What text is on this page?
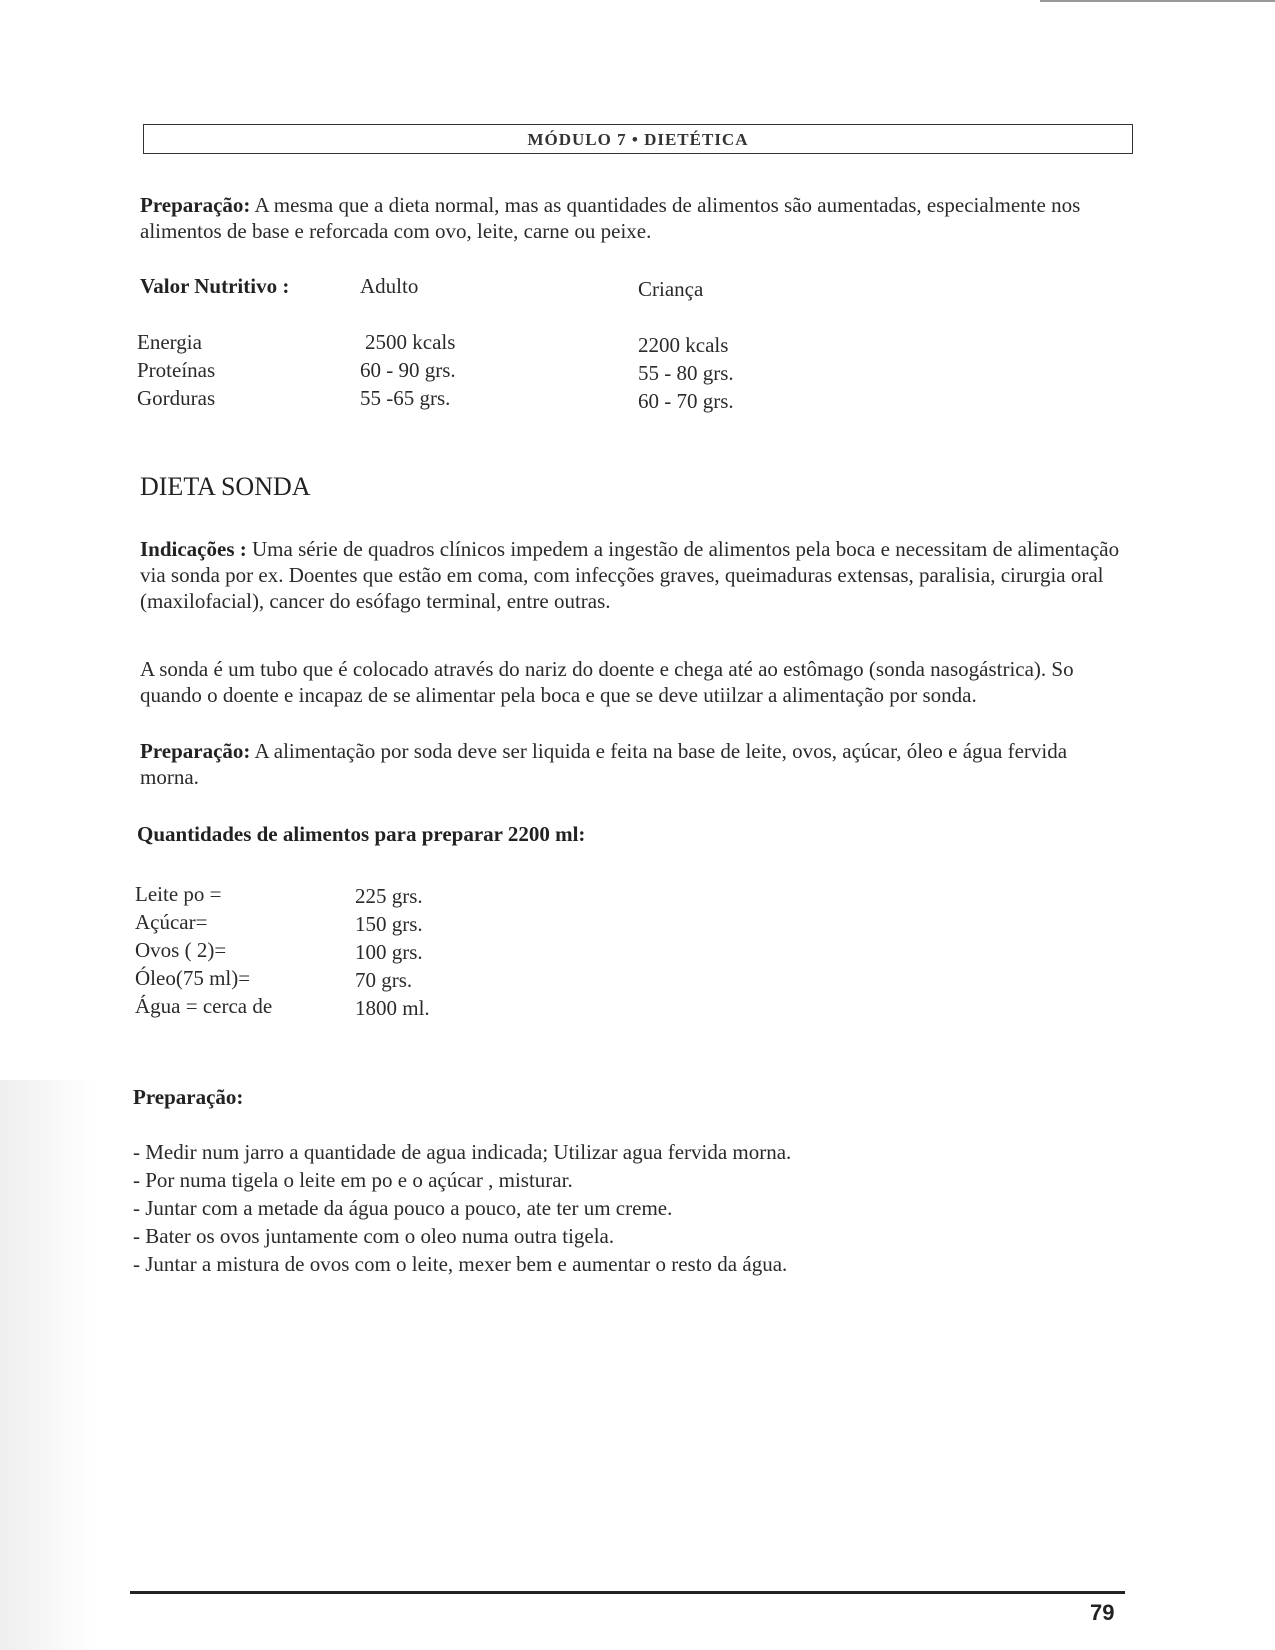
MÓDULO 7 • DIETÉTICA

Preparação: A mesma que a dieta normal, mas as quantidades de alimentos são aumentadas, especialmente nos alimentos de base e reforcada com ovo, leite, carne ou peixe.

Valor Nutritivo :	Adulto	Criança
Energia
Proteínas
Gorduras
2500 kcals
60 - 90 grs.
55 -65 grs.
2200 kcals
55 - 80 grs.
60 - 70 grs.
DIETA SONDA

Indicações : Uma série de quadros clínicos impedem a ingestão de alimentos pela boca e necessitam de alimentação via sonda por ex. Doentes que estão em coma, com infecções graves, queimaduras extensas, paralisia, cirurgia oral (maxilofacial), cancer do esófago terminal, entre outras.

A sonda é um tubo que é colocado através do nariz do doente e chega até ao estômago (sonda nasogástrica). So quando o doente e incapaz de se alimentar pela boca e que se deve utiilzar a alimentação por sonda.

Preparação: A alimentação por soda deve ser liquida e feita na base de leite, ovos, açúcar, óleo e água fervida morna.

Quantidades de alimentos para preparar 2200 ml:
Leite po =
Açúcar=
Ovos ( 2)=
Óleo(75 ml)=
Água = cerca de
225 grs.
150 grs.
100 grs.
70 grs.
1800 ml.
Preparação:
- Medir num jarro a quantidade de agua indicada; Utilizar agua fervida morna.
- Por numa tigela o leite em po e o açúcar , misturar.
- Juntar com a metade da água pouco a pouco, ate ter um creme.
- Bater os ovos juntamente com o oleo numa outra tigela.
- Juntar a mistura de ovos com o leite, mexer bem e aumentar o resto da água.
79
